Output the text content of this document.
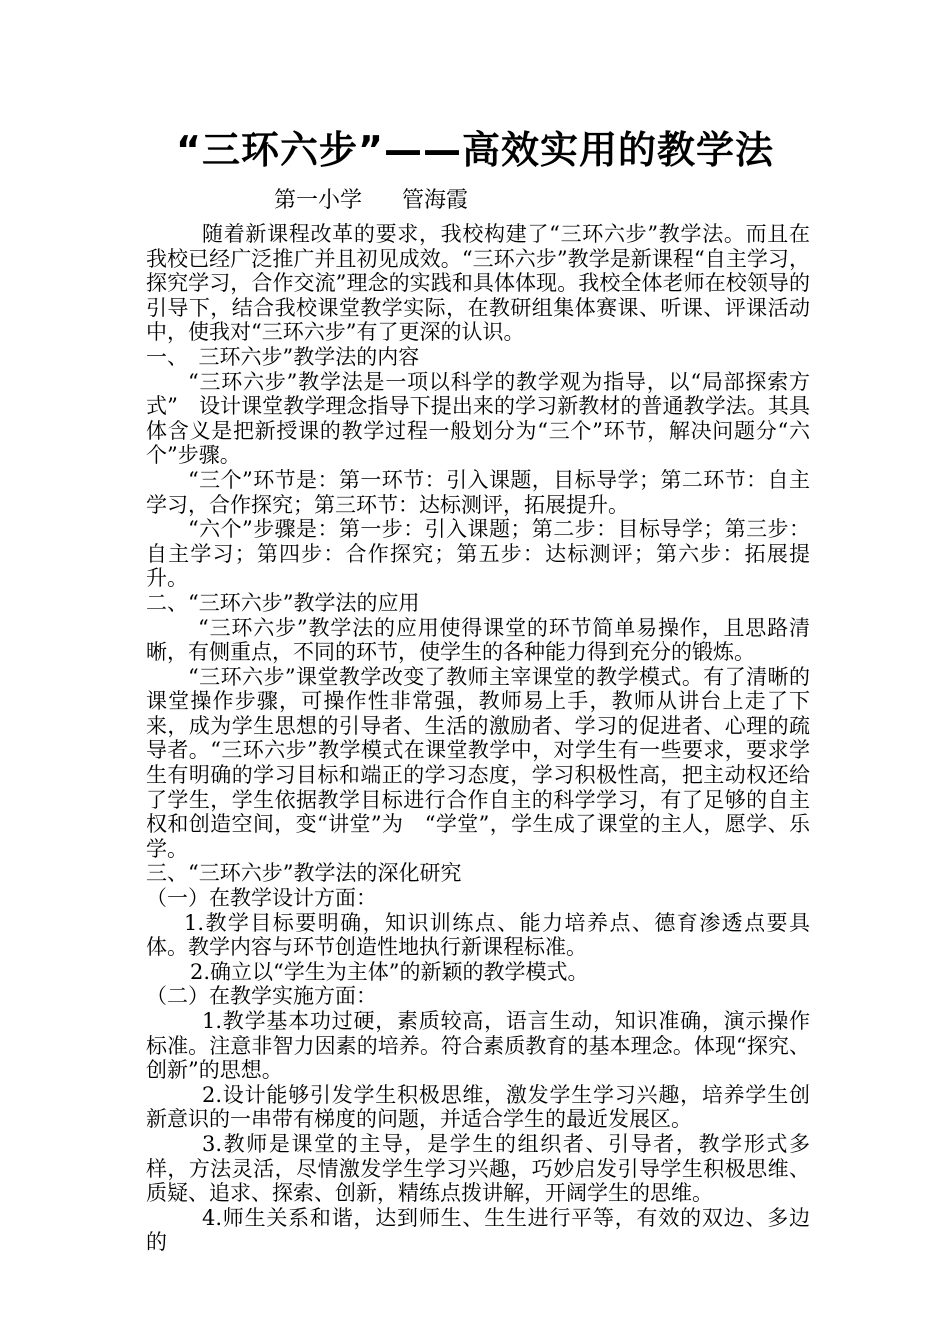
“三环六步”——高效实用的教学法
第一小学 管海霞

随着新课程改革的要求，我校构建了“三环六步”教学法。而且在我校已经广泛推广并且初见成效。“三环六步”教学是新课程“自主学习，探究学习，合作交流”理念的实践和具体体现。我校全体老师在校领导的引导下，结合我校课堂教学实际，在教研组集体赛课、听课、评课活动中，使我对“三环六步”有了更深的认识。

一、　三环六步”教学法的内容

“三环六步”教学法是一项以科学的教学观为指导，以“局部探索方式”　设计课堂教学理念指导下提出来的学习新教材的普通教学法。其具体含义是把新授课的教学过程一般划分为“三个”环节，解决问题分“六个”步骤。

“三个”环节是：第一环节：引入课题，目标导学；第二环节：自主学习，合作探究；第三环节：达标测评，拓展提升。

“六个”步骤是：第一步：引入课题；第二步：目标导学；第三步：自主学习；第四步：合作探究；第五步：达标测评；第六步：拓展提升。

二、“三环六步”教学法的应用

“三环六步”教学法的应用使得课堂的环节简单易操作，且思路清晰，有侧重点，不同的环节，使学生的各种能力得到充分的锻炼。

“三环六步”课堂教学改变了教师主宰课堂的教学模式。有了清晰的课堂操作步骤，可操作性非常强，教师易上手，教师从讲台上走了下来，成为学生思想的引导者、生活的激励者、学习的促进者、心理的疏导者。“三环六步”教学模式在课堂教学中，对学生有一些要求，要求学生有明确的学习目标和端正的学习态度，学习积极性高，把主动权还给了学生，学生依据教学目标进行合作自主的科学学习，有了足够的自主权和创造空间，变“讲堂”为　“学堂”，学生成了课堂的主人，愿学、乐学。

三、“三环六步”教学法的深化研究

（一）在教学设计方面：

1.教学目标要明确，知识训练点、能力培养点、德育渗透点要具体。教学内容与环节创造性地执行新课程标准。

2.确立以“学生为主体”的新颖的教学模式。

（二）在教学实施方面：

1.教学基本功过硬，素质较高，语言生动，知识准确，演示操作标准。注意非智力因素的培养。符合素质教育的基本理念。体现“探究、创新”的思想。

2.设计能够引发学生积极思维，激发学生学习兴趣，培养学生创新意识的一串带有梯度的问题，并适合学生的最近发展区。

3.教师是课堂的主导，是学生的组织者、引导者，教学形式多样，方法灵活，尽情激发学生学习兴趣，巧妙启发引导学生积极思维、质疑、追求、探索、创新，精练点拨讲解，开阔学生的思维。

4.师生关系和谐，达到师生、生生进行平等，有效的双边、多边的
